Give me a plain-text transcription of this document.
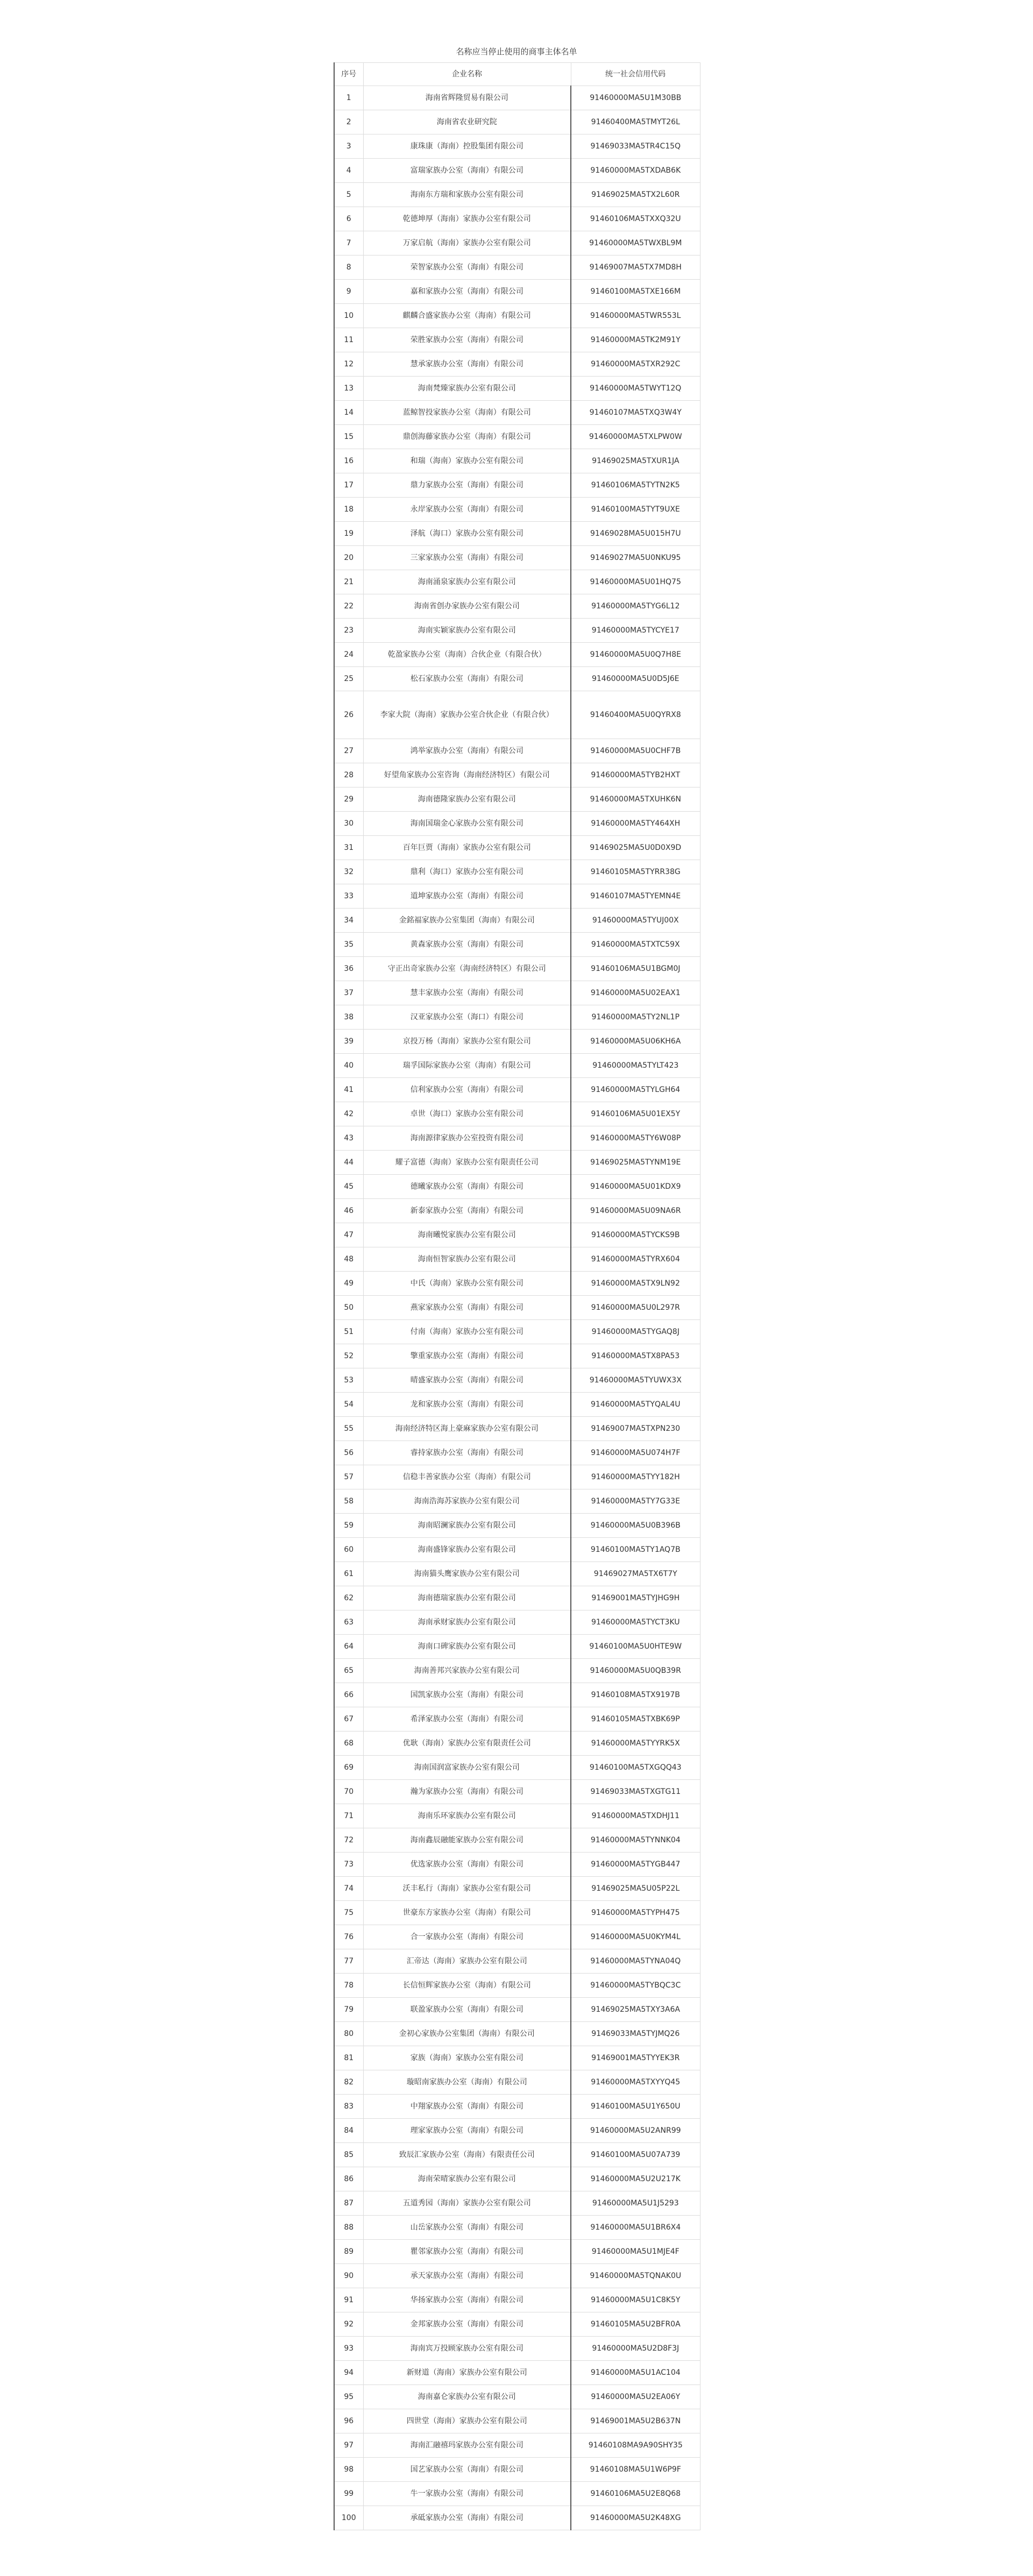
名称应当停止使用的商事主体名单
序号	企业名称	统一社会信用代码
1	海南省辉隆贸易有限公司	91460000MA5U1M30BB
2	海南省农业研究院	91460400MA5TMYT26L
3	康珠康（海南）控股集团有限公司	91469033MA5TR4C15Q
4	富瑞家族办公室（海南）有限公司	91460000MA5TXDAB6K
5	海南东方瑞和家族办公室有限公司	91469025MA5TX2L60R
6	乾德坤厚（海南）家族办公室有限公司	91460106MA5TXXQ32U
7	万家启航（海南）家族办公室有限公司	91460000MA5TWXBL9M
8	荣智家族办公室（海南）有限公司	91469007MA5TX7MD8H
9	嘉和家族办公室（海南）有限公司	91460100MA5TXE166M
10	麒麟合盛家族办公室（海南）有限公司	91460000MA5TWR553L
11	荣胜家族办公室（海南）有限公司	91460000MA5TK2M91Y
12	慧承家族办公室（海南）有限公司	91460000MA5TXR292C
13	海南梵臻家族办公室有限公司	91460000MA5TWYT12Q
14	蓝鲸智投家族办公室（海南）有限公司	91460107MA5TXQ3W4Y
15	鼎创海藤家族办公室（海南）有限公司	91460000MA5TXLPW0W
16	和瑞（海南）家族办公室有限公司	91469025MA5TXUR1JA
17	鼎力家族办公室（海南）有限公司	91460106MA5TYTN2K5
18	永岸家族办公室（海南）有限公司	91460100MA5TYT9UXE
19	泽航（海口）家族办公室有限公司	91469028MA5U015H7U
20	三家家族办公室（海南）有限公司	91469027MA5U0NKU95
21	海南涌泉家族办公室有限公司	91460000MA5U01HQ75
22	海南省创办家族办公室有限公司	91460000MA5TYG6L12
23	海南实颖家族办公室有限公司	91460000MA5TYCYE17
24	乾盈家族办公室（海南）合伙企业（有限合伙）	91460000MA5U0Q7H8E
25	松石家族办公室（海南）有限公司	91460000MA5U0D5J6E
26	李家大院（海南）家族办公室合伙企业（有限合伙）	91460400MA5U0QYRX8
27	鸿举家族办公室（海南）有限公司	91460000MA5U0CHF7B
28	好望角家族办公室咨询（海南经济特区）有限公司	91460000MA5TYB2HXT
29	海南德隆家族办公室有限公司	91460000MA5TXUHK6N
30	海南国瑞金心家族办公室有限公司	91460000MA5TY464XH
31	百年巨贾（海南）家族办公室有限公司	91469025MA5U0D0X9D
32	鼎利（海口）家族办公室有限公司	91460105MA5TYRR38G
33	道坤家族办公室（海南）有限公司	91460107MA5TYEMN4E
34	金銘福家族办公室集团（海南）有限公司	91460000MA5TYUJ00X
35	黄森家族办公室（海南）有限公司	91460000MA5TXTC59X
36	守正出奇家族办公室（海南经济特区）有限公司	91460106MA5U1BGM0J
37	慧丰家族办公室（海南）有限公司	91460000MA5U02EAX1
38	汉亚家族办公室（海口）有限公司	91460000MA5TY2NL1P
39	京投万杨（海南）家族办公室有限公司	91460000MA5U06KH6A
40	瑞孚国际家族办公室（海南）有限公司	91460000MA5TYLT423
41	信利家族办公室（海南）有限公司	91460000MA5TYLGH64
42	卓世（海口）家族办公室有限公司	91460106MA5U01EX5Y
43	海南源律家族办公室投资有限公司	91460000MA5TY6W08P
44	耀子富德（海南）家族办公室有限责任公司	91469025MA5TYNM19E
45	德曦家族办公室（海南）有限公司	91460000MA5U01KDX9
46	新泰家族办公室（海南）有限公司	91460000MA5U09NA6R
47	海南曦悦家族办公室有限公司	91460000MA5TYCKS9B
48	海南恒智家族办公室有限公司	91460000MA5TYRX604
49	中氏（海南）家族办公室有限公司	91460000MA5TX9LN92
50	燕家家族办公室（海南）有限公司	91460000MA5U0L297R
51	付南（海南）家族办公室有限公司	91460000MA5TYGAQ8J
52	擎重家族办公室（海南）有限公司	91460000MA5TX8PA53
53	晴盛家族办公室（海南）有限公司	91460000MA5TYUWX3X
54	龙和家族办公室（海南）有限公司	91460000MA5TYQAL4U
55	海南经济特区海上豪麻家族办公室有限公司	91469007MA5TXPN230
56	睿持家族办公室（海南）有限公司	91460000MA5U074H7F
57	信稳丰善家族办公室（海南）有限公司	91460000MA5TYY182H
58	海南浩海苏家族办公室有限公司	91460000MA5TY7G33E
59	海南昭澜家族办公室有限公司	91460000MA5U0B396B
60	海南盛锋家族办公室有限公司	91460100MA5TY1AQ7B
61	海南猫头鹰家族办公室有限公司	91469027MA5TX6T7Y
62	海南德瑞家族办公室有限公司	91469001MA5TYJHG9H
63	海南承财家族办公室有限公司	91460000MA5TYCT3KU
64	海南口碑家族办公室有限公司	91460100MA5U0HTE9W
65	海南善邦兴家族办公室有限公司	91460000MA5U0QB39R
66	国凯家族办公室（海南）有限公司	91460108MA5TX9197B
67	希泽家族办公室（海南）有限公司	91460105MA5TXBK69P
68	优耿（海南）家族办公室有限责任公司	91460000MA5TYYRK5X
69	海南国润富家族办公室有限公司	91460100MA5TXGQQ43
70	瀚为家族办公室（海南）有限公司	91469033MA5TXGTG11
71	海南乐环家族办公室有限公司	91460000MA5TXDHJ11
72	海南鑫辰融能家族办公室有限公司	91460000MA5TYNNK04
73	优选家族办公室（海南）有限公司	91460000MA5TYGB447
74	沃丰私行（海南）家族办公室有限公司	91469025MA5U05P22L
75	世豪东方家族办公室（海南）有限公司	91460000MA5TYPH475
76	合一家族办公室（海南）有限公司	91460000MA5U0KYM4L
77	汇帝达（海南）家族办公室有限公司	91460000MA5TYNA04Q
78	长信恒辉家族办公室（海南）有限公司	91460000MA5TYBQC3C
79	联盈家族办公室（海南）有限公司	91469025MA5TXY3A6A
80	金初心家族办公室集团（海南）有限公司	91469033MA5TYJMQ26
81	家族（海南）家族办公室有限公司	91469001MA5TYYEK3R
82	璇昭南家族办公室（海南）有限公司	91460000MA5TXYYQ45
83	中翔家族办公室（海南）有限公司	91460100MA5U1Y650U
84	理家家族办公室（海南）有限公司	91460000MA5U2ANR99
85	致辰汇家族办公室（海南）有限责任公司	91460100MA5U07A739
86	海南荣晴家族办公室有限公司	91460000MA5U2U217K
87	五道秀园（海南）家族办公室有限公司	91460000MA5U1J5293
88	山岳家族办公室（海南）有限公司	91460000MA5U1BR6X4
89	瞿邻家族办公室（海南）有限公司	91460000MA5U1MJE4F
90	承天家族办公室（海南）有限公司	91460000MA5TQNAK0U
91	华扬家族办公室（海南）有限公司	91460000MA5U1C8K5Y
92	金邦家族办公室（海南）有限公司	91460105MA5U2BFR0A
93	海南宾万投顾家族办公室有限公司	91460000MA5U2D8F3J
94	新财道（海南）家族办公室有限公司	91460000MA5U1AC104
95	海南嘉仑家族办公室有限公司	91460000MA5U2EA06Y
96	四世堂（海南）家族办公室有限公司	91469001MA5U2B637N
97	海南汇融禧玛家族办公室有限公司	91460108MA9A90SHY35
98	国艺家族办公室（海南）有限公司	91460108MA5U1W6P9F
99	牛一家族办公室（海南）有限公司	91460106MA5U2E8Q68
100	承砥家族办公室（海南）有限公司	91460000MA5U2K48XG
